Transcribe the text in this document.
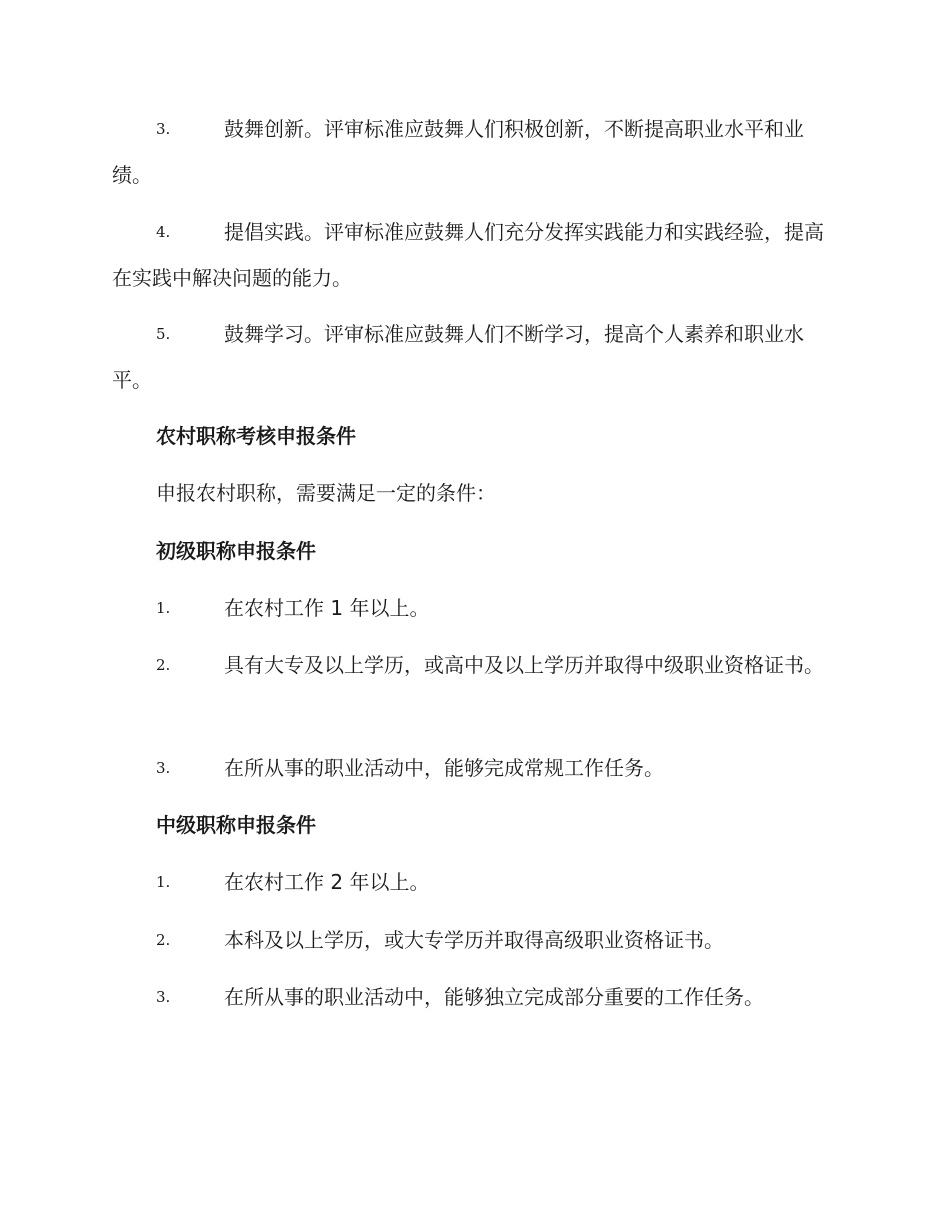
3.	鼓舞创新。评审标准应鼓舞人们积极创新，不断提高职业水平和业绩。
4.	提倡实践。评审标准应鼓舞人们充分发挥实践能力和实践经验，提高在实践中解决问题的能力。
5.	鼓舞学习。评审标准应鼓舞人们不断学习，提高个人素养和职业水平。
农村职称考核申报条件
申报农村职称，需要满足一定的条件：
初级职称申报条件
1.	在农村工作 1 年以上。
2.	具有大专及以上学历，或高中及以上学历并取得中级职业资格证书。
3.	在所从事的职业活动中，能够完成常规工作任务。
中级职称申报条件
1.	在农村工作 2 年以上。
2.	本科及以上学历，或大专学历并取得高级职业资格证书。
3.	在所从事的职业活动中，能够独立完成部分重要的工作任务。
